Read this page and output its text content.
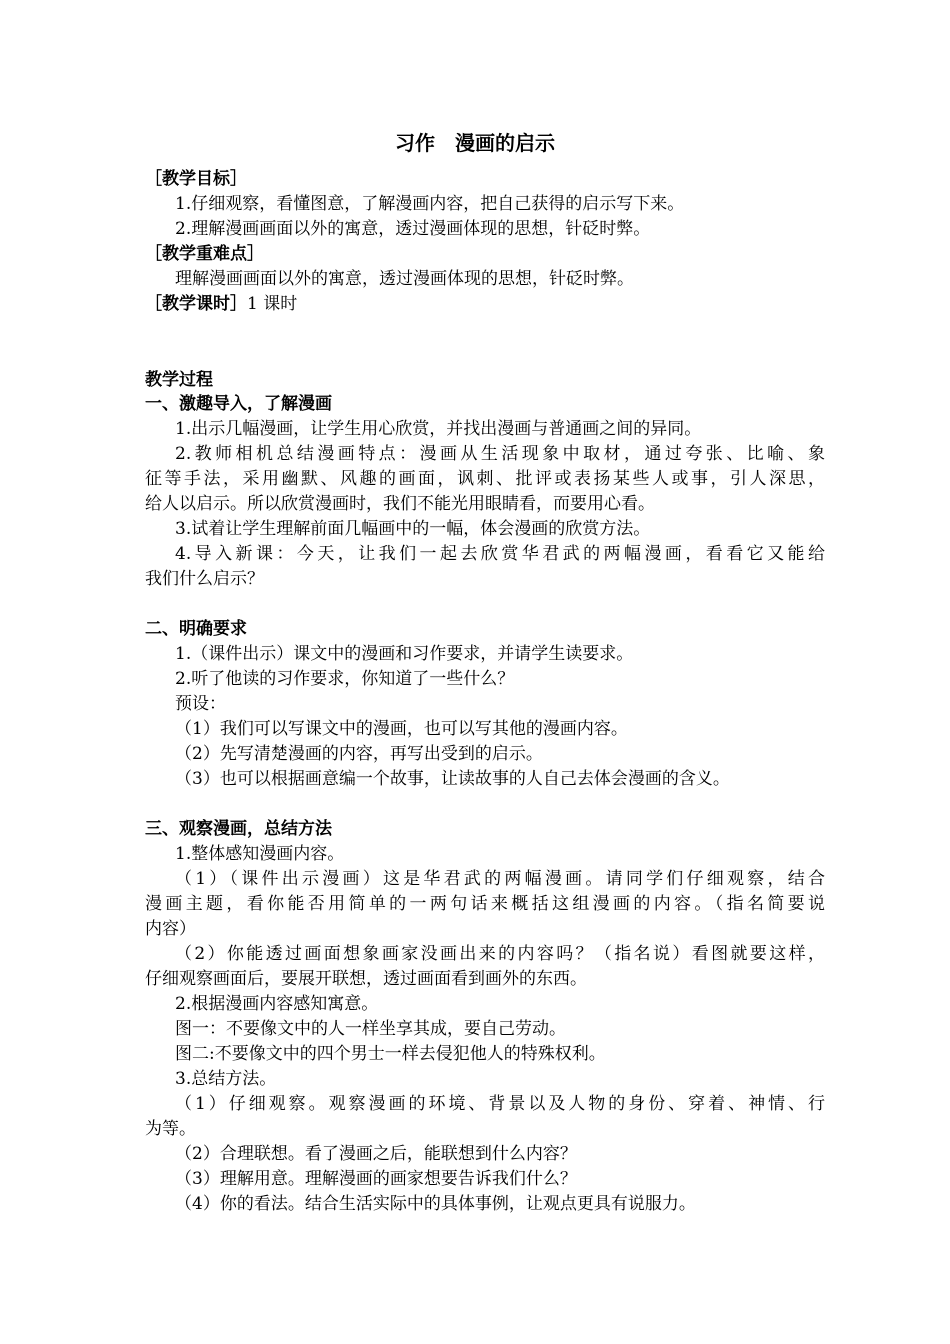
习作　漫画的启示
［教学目标］
1.仔细观察，看懂图意，了解漫画内容，把自己获得的启示写下来。
2.理解漫画画面以外的寓意，透过漫画体现的思想，针砭时弊。
［教学重难点］
理解漫画画面以外的寓意，透过漫画体现的思想，针砭时弊。
［教学课时］1 课时
教学过程
一、激趣导入，了解漫画
1.出示几幅漫画，让学生用心欣赏，并找出漫画与普通画之间的异同。
2.教师相机总结漫画特点：漫画从生活现象中取材，通过夸张、比喻、象
征等手法，采用幽默、风趣的画面，讽刺、批评或表扬某些人或事，引人深思，
给人以启示。所以欣赏漫画时，我们不能光用眼睛看，而要用心看。
3.试着让学生理解前面几幅画中的一幅，体会漫画的欣赏方法。
4.导入新课：今天，让我们一起去欣赏华君武的两幅漫画，看看它又能给
我们什么启示？
二、明确要求
1.（课件出示）课文中的漫画和习作要求，并请学生读要求。
2.听了他读的习作要求，你知道了一些什么？
预设：
（1）我们可以写课文中的漫画，也可以写其他的漫画内容。
（2）先写清楚漫画的内容，再写出受到的启示。
（3）也可以根据画意编一个故事，让读故事的人自己去体会漫画的含义。
三、观察漫画，总结方法
1.整体感知漫画内容。
（1）（课件出示漫画）这是华君武的两幅漫画。请同学们仔细观察，结合
漫画主题，看你能否用简单的一两句话来概括这组漫画的内容。（指名简要说
内容）
（2）你能透过画面想象画家没画出来的内容吗？（指名说）看图就要这样，
仔细观察画面后，要展开联想，透过画面看到画外的东西。
2.根据漫画内容感知寓意。
图一：不要像文中的人一样坐享其成，要自己劳动。
图二:不要像文中的四个男士一样去侵犯他人的特殊权利。
3.总结方法。
（1）仔细观察。观察漫画的环境、背景以及人物的身份、穿着、神情、行
为等。
（2）合理联想。看了漫画之后，能联想到什么内容？
（3）理解用意。理解漫画的画家想要告诉我们什么？
（4）你的看法。结合生活实际中的具体事例，让观点更具有说服力。
